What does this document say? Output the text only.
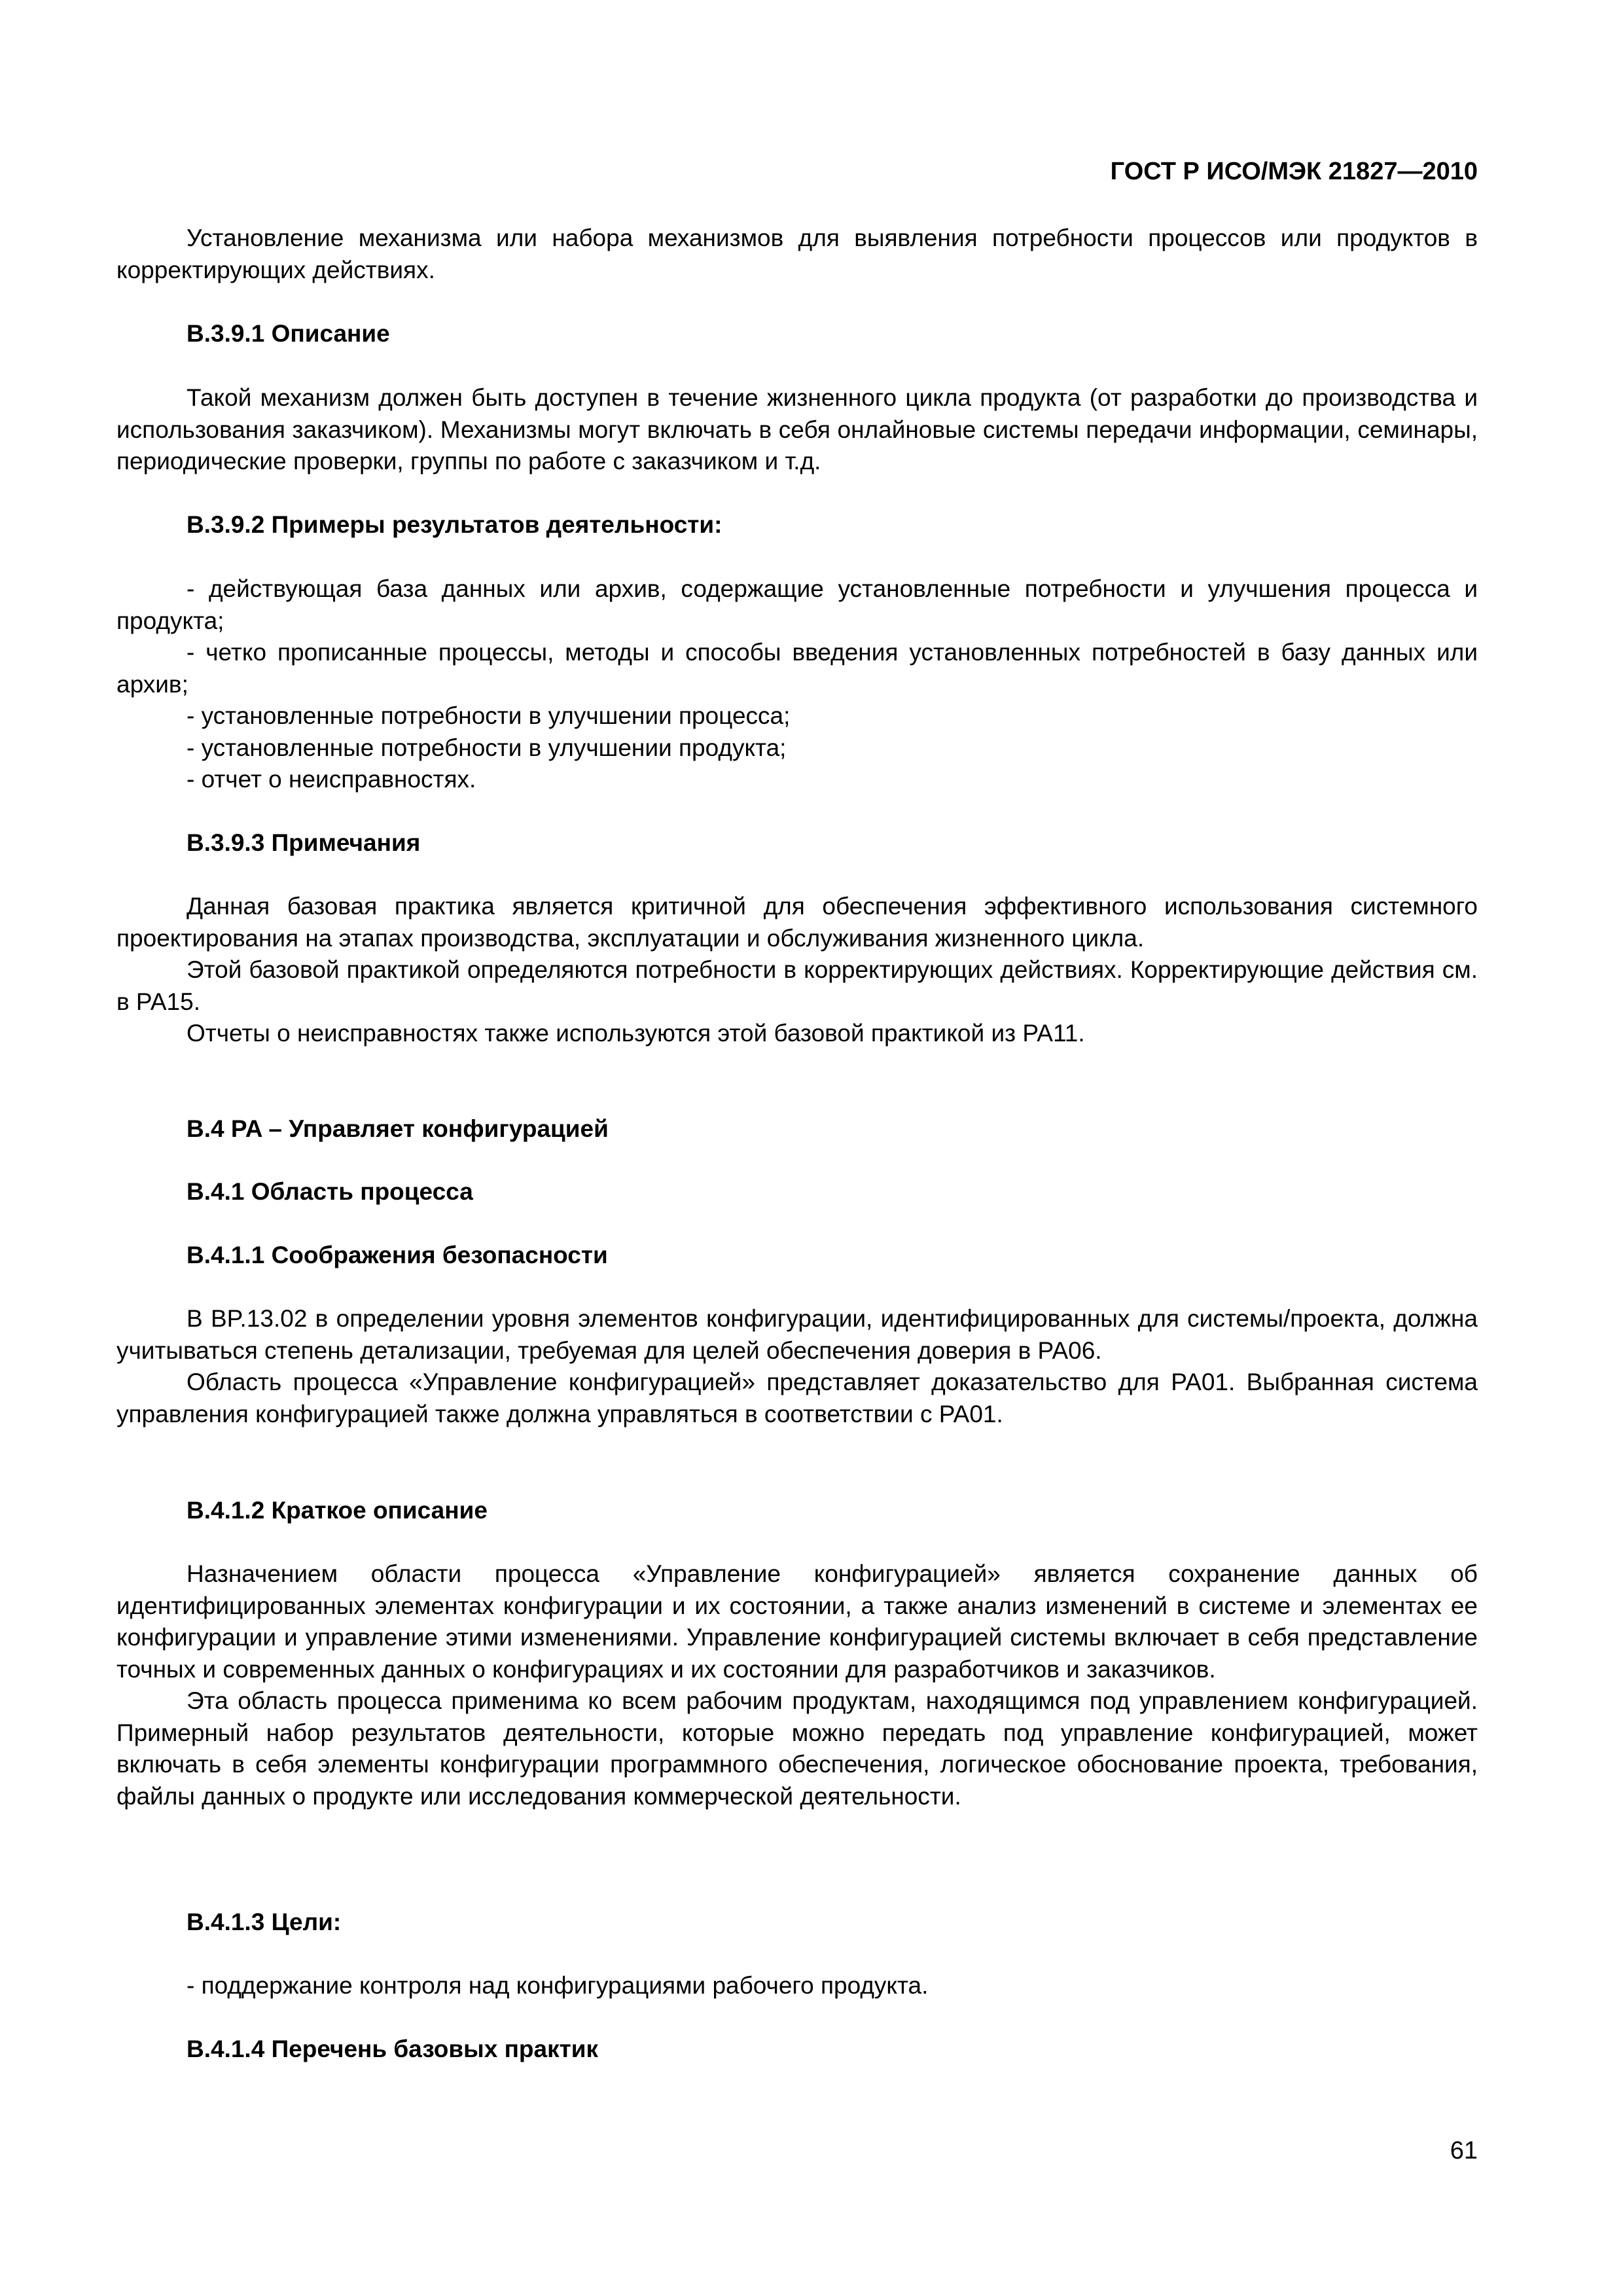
ГОСТ Р ИСО/МЭК 21827—2010

Установление механизма или набора механизмов для выявления потребности процессов или продуктов в корректирующих действиях.

B.3.9.1 Описание

Такой механизм должен быть доступен в течение жизненного цикла продукта (от разработки до производства и использования заказчиком). Механизмы могут включать в себя онлайновые системы передачи информации, семинары, периодические проверки, группы по работе с заказчиком и т.д.

B.3.9.2 Примеры результатов деятельности:

- действующая база данных или архив, содержащие установленные потребности и улучшения процесса и продукта;

- четко прописанные процессы, методы и способы введения установленных потребностей в базу данных или архив;

- установленные потребности в улучшении процесса;

- установленные потребности в улучшении продукта;

- отчет о неисправностях.

B.3.9.3 Примечания

Данная базовая практика является критичной для обеспечения эффективного использования системного проектирования на этапах производства, эксплуатации и обслуживания жизненного цикла.

Этой базовой практикой определяются потребности в корректирующих действиях. Корректирующие действия см. в PA15.

Отчеты о неисправностях также используются этой базовой практикой из PA11.

B.4 PA – Управляет конфигурацией

B.4.1 Область процесса

B.4.1.1 Соображения безопасности

В BP.13.02 в определении уровня элементов конфигурации, идентифицированных для системы/проекта, должна учитываться степень детализации, требуемая для целей обеспечения доверия в PA06.

Область процесса «Управление конфигурацией» представляет доказательство для PA01. Выбранная система управления конфигурацией также должна управляться в соответствии с PA01.

B.4.1.2 Краткое описание

Назначением области процесса «Управление конфигурацией» является сохранение данных об идентифицированных элементах конфигурации и их состоянии, а также анализ изменений в системе и элементах ее конфигурации и управление этими изменениями. Управление конфигурацией системы включает в себя представление точных и современных данных о конфигурациях и их состоянии для разработчиков и заказчиков.

Эта область процесса применима ко всем рабочим продуктам, находящимся под управлением конфигурацией. Примерный набор результатов деятельности, которые можно передать под управление конфигурацией, может включать в себя элементы конфигурации программного обеспечения, логическое обоснование проекта, требования, файлы данных о продукте или исследования коммерческой деятельности.

B.4.1.3 Цели:

- поддержание контроля над конфигурациями рабочего продукта.

B.4.1.4 Перечень базовых практик

61
